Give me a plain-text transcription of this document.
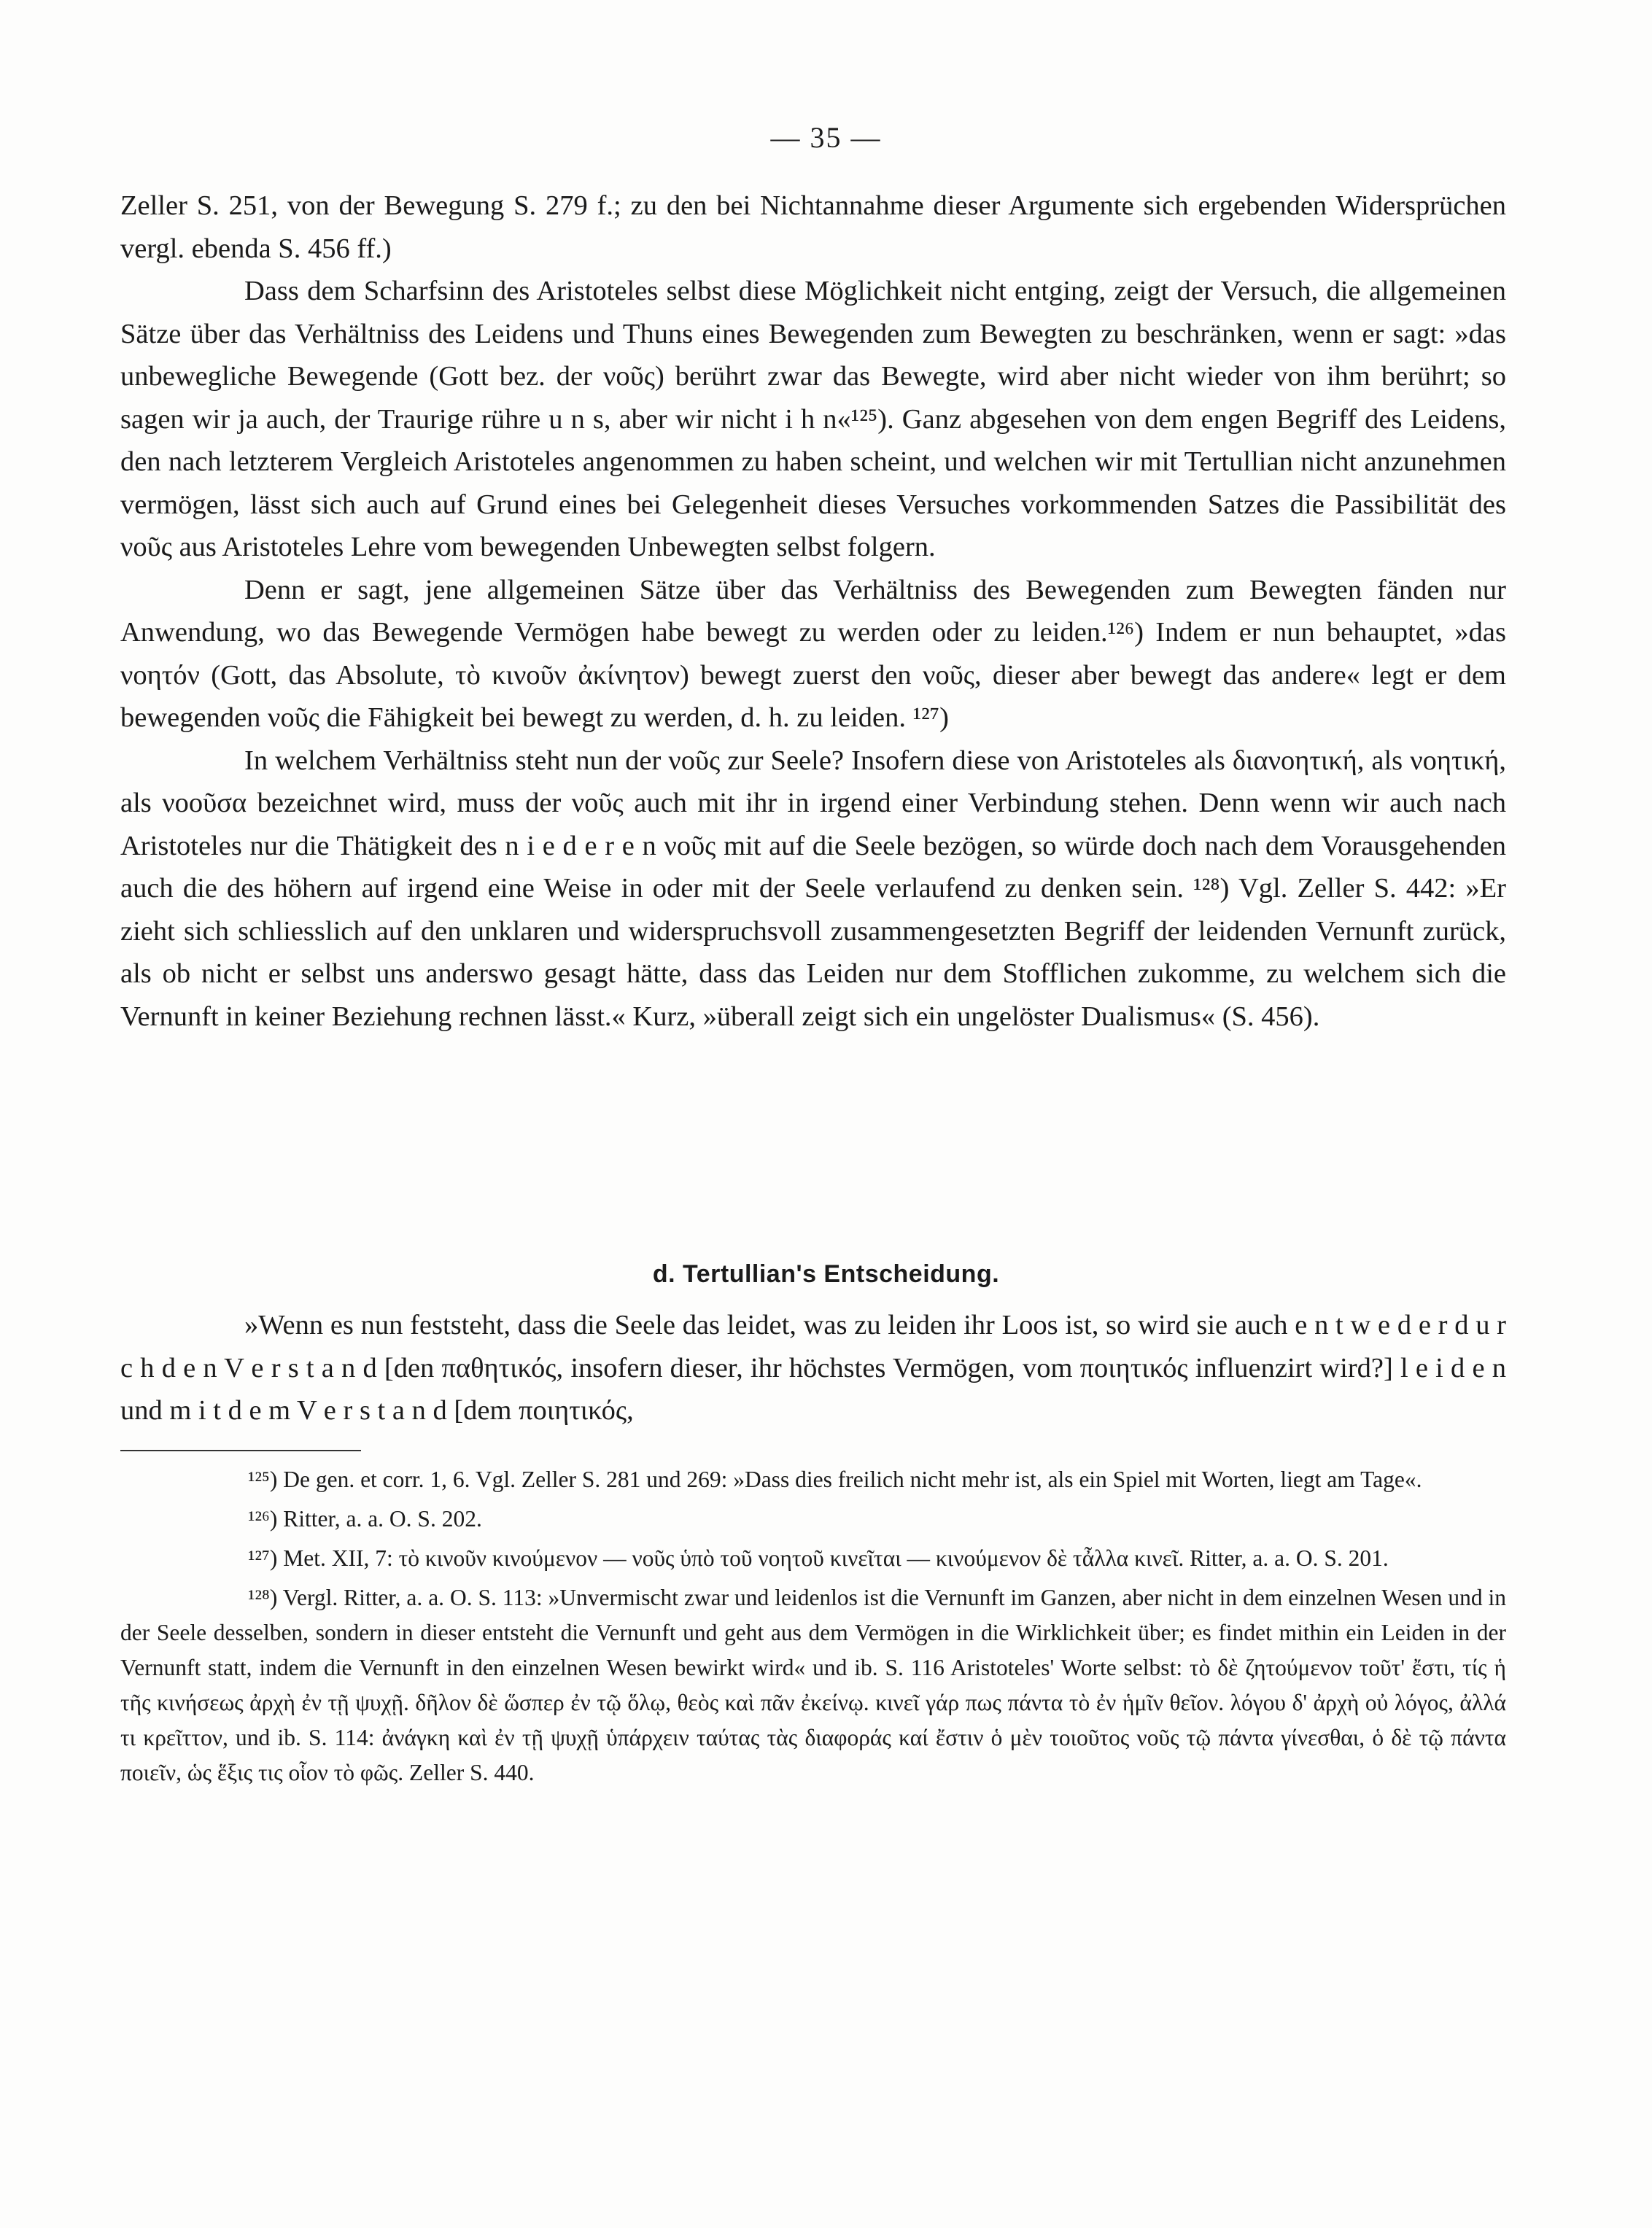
— 35 —

Zeller S. 251, von der Bewegung S. 279 f.; zu den bei Nichtannahme dieser Argumente sich ergebenden Widersprüchen vergl. ebenda S. 456 ff.)

Dass dem Scharfsinn des Aristoteles selbst diese Möglichkeit nicht entging, zeigt der Versuch, die allgemeinen Sätze über das Verhältniss des Leidens und Thuns eines Bewegenden zum Bewegten zu beschränken, wenn er sagt: »das unbewegliche Bewegende (Gott bez. der νοῦς) berührt zwar das Bewegte, wird aber nicht wieder von ihm berührt; so sagen wir ja auch, der Traurige rühre u n s, aber wir nicht i h n«¹²⁵). Ganz abgesehen von dem engen Begriff des Leidens, den nach letzterem Vergleich Aristoteles angenommen zu haben scheint, und welchen wir mit Tertullian nicht anzunehmen vermögen, lässt sich auch auf Grund eines bei Gelegenheit dieses Versuches vorkommenden Satzes die Passibilität des νοῦς aus Aristoteles Lehre vom bewegenden Unbewegten selbst folgern.

Denn er sagt, jene allgemeinen Sätze über das Verhältniss des Bewegenden zum Bewegten fänden nur Anwendung, wo das Bewegende Vermögen habe bewegt zu werden oder zu leiden.¹²⁶) Indem er nun behauptet, »das νοητόν (Gott, das Absolute, τὸ κινοῦν ἀκίνητον) bewegt zuerst den νοῦς, dieser aber bewegt das andere« legt er dem bewegenden νοῦς die Fähigkeit bei bewegt zu werden, d. h. zu leiden. ¹²⁷)

In welchem Verhältniss steht nun der νοῦς zur Seele? Insofern diese von Aristoteles als διανοητική, als νοητική, als νοοῦσα bezeichnet wird, muss der νοῦς auch mit ihr in irgend einer Verbindung stehen. Denn wenn wir auch nach Aristoteles nur die Thätigkeit des n i e d e r e n νοῦς mit auf die Seele bezögen, so würde doch nach dem Vorausgehenden auch die des höhern auf irgend eine Weise in oder mit der Seele verlaufend zu denken sein. ¹²⁸) Vgl. Zeller S. 442: »Er zieht sich schliesslich auf den unklaren und widerspruchsvoll zusammengesetzten Begriff der leidenden Vernunft zurück, als ob nicht er selbst uns anderswo gesagt hätte, dass das Leiden nur dem Stofflichen zukomme, zu welchem sich die Vernunft in keiner Beziehung rechnen lässt.« Kurz, »überall zeigt sich ein ungelöster Dualismus« (S. 456).

d. Tertullian's Entscheidung.

»Wenn es nun feststeht, dass die Seele das leidet, was zu leiden ihr Loos ist, so wird sie auch e n t w e d e r d u r c h d e n V e r s t a n d [den παθητικός, insofern dieser, ihr höchstes Vermögen, vom ποιητικός influenzirt wird?] l e i d e n und m i t d e m V e r s t a n d [dem ποιητικός,

¹²⁵) De gen. et corr. 1, 6. Vgl. Zeller S. 281 und 269: »Dass dies freilich nicht mehr ist, als ein Spiel mit Worten, liegt am Tage«.

¹²⁶) Ritter, a. a. O. S. 202.

¹²⁷) Met. XII, 7: τὸ κινοῦν κινούμενον — νοῦς ὑπὸ τοῦ νοητοῦ κινεῖται — κινούμενον δὲ τἆλλα κινεῖ. Ritter, a. a. O. S. 201.

¹²⁸) Vergl. Ritter, a. a. O. S. 113: »Unvermischt zwar und leidenlos ist die Vernunft im Ganzen, aber nicht in dem einzelnen Wesen und in der Seele desselben, sondern in dieser entsteht die Vernunft und geht aus dem Vermögen in die Wirklichkeit über; es findet mithin ein Leiden in der Vernunft statt, indem die Vernunft in den einzelnen Wesen bewirkt wird« und ib. S. 116 Aristoteles' Worte selbst: τὸ δὲ ζητούμενον τοῦτ' ἔστι, τίς ἡ τῆς κινήσεως ἀρχὴ ἐν τῇ ψυχῇ. δῆλον δὲ ὥσπερ ἐν τῷ ὅλῳ, θεὸς καὶ πᾶν ἐκείνῳ. κινεῖ γάρ πως πάντα τὸ ἐν ἡμῖν θεῖον. λόγου δ' ἀρχὴ οὐ λόγος, ἀλλά τι κρεῖττον, und ib. S. 114: ἀνάγκη καὶ ἐν τῇ ψυχῇ ὑπάρχειν ταύτας τὰς διαφοράς καί ἔστιν ὁ μὲν τοιοῦτος νοῦς τῷ πάντα γίνεσθαι, ὁ δὲ τῷ πάντα ποιεῖν, ὡς ἕξις τις οἷον τὸ φῶς. Zeller S. 440.
